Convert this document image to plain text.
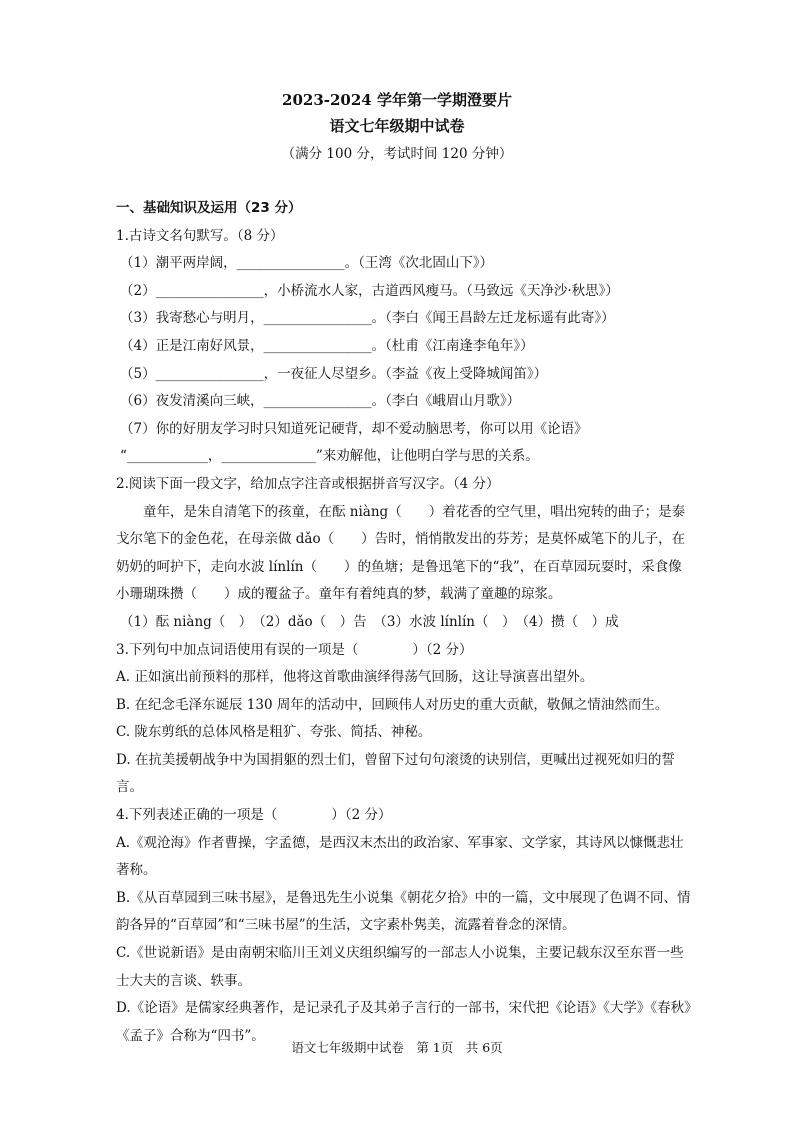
2023-2024 学年第一学期澄要片
语文七年级期中试卷
（满分 100 分，考试时间 120 分钟）

一、基础知识及运用（23 分）

1.古诗文名句默写。（8 分）

（1）潮平两岸阔，________________。（王湾《次北固山下》）

（2）________________，小桥流水人家，古道西风瘦马。（马致远《天净沙·秋思》）

（3）我寄愁心与明月，________________。（李白《闻王昌龄左迁龙标遥有此寄》）

（4）正是江南好风景，________________。（杜甫《江南逢李龟年》）

（5）________________，一夜征人尽望乡。（李益《夜上受降城闻笛》）

（6）夜发清溪向三峡，________________。（李白《峨眉山月歌》）

（7）你的好朋友学习时只知道死记硬背，却不爱动脑思考，你可以用《论语》

“____________，______________”来劝解他，让他明白学与思的关系。

2.阅读下面一段文字，给加点字注音或根据拼音写汉字。（4 分）

童年，是朱自清笔下的孩童，在酝 niàng（　　）着花香的空气里，唱出宛转的曲子；是泰戈尔笔下的金色花，在母亲做 dǎo（　　）告时，悄悄散发出的芬芳；是莫怀威笔下的儿子，在奶奶的呵护下，走向水波 línlín（　　）的鱼塘；是鲁迅笔下的“我”，在百草园玩耍时，采食像小珊瑚珠攒（　　）成的覆盆子。童年有着纯真的梦，载满了童趣的琼浆。

（1）酝 niàng（　）　（2）dǎo（　）告　（3）水波 línlín（　）　（4）攒（　）成

3.下列句中加点词语使用有误的一项是（　　　　）（2 分）

A. 正如演出前预料的那样，他将这首歌曲演绎得荡气回肠，这让导演喜出望外。

B. 在纪念毛泽东诞辰 130 周年的活动中，回顾伟人对历史的重大贡献，敬佩之情油然而生。

C. 陇东剪纸的总体风格是粗犷、夸张、简括、神秘。

D. 在抗美援朝战争中为国捐躯的烈士们，曾留下过句句滚烫的诀别信，更喊出过视死如归的誓言。

4.下列表述正确的一项是（　　　　）（2 分）

A.《观沧海》作者曹操，字孟德，是西汉末杰出的政治家、军事家、文学家，其诗风以慷慨悲壮著称。

B.《从百草园到三味书屋》，是鲁迅先生小说集《朝花夕拾》中的一篇，文中展现了色调不同、情韵各异的“百草园”和“三味书屋”的生活，文字素朴隽美，流露着眷念的深情。

C.《世说新语》是由南朝宋临川王刘义庆组织编写的一部志人小说集，主要记载东汉至东晋一些士大夫的言谈、轶事。

D.《论语》是儒家经典著作，是记录孔子及其弟子言行的一部书，宋代把《论语》《大学》《春秋》《孟子》合称为“四书”。

语文七年级期中试卷　第 1页　共 6页
